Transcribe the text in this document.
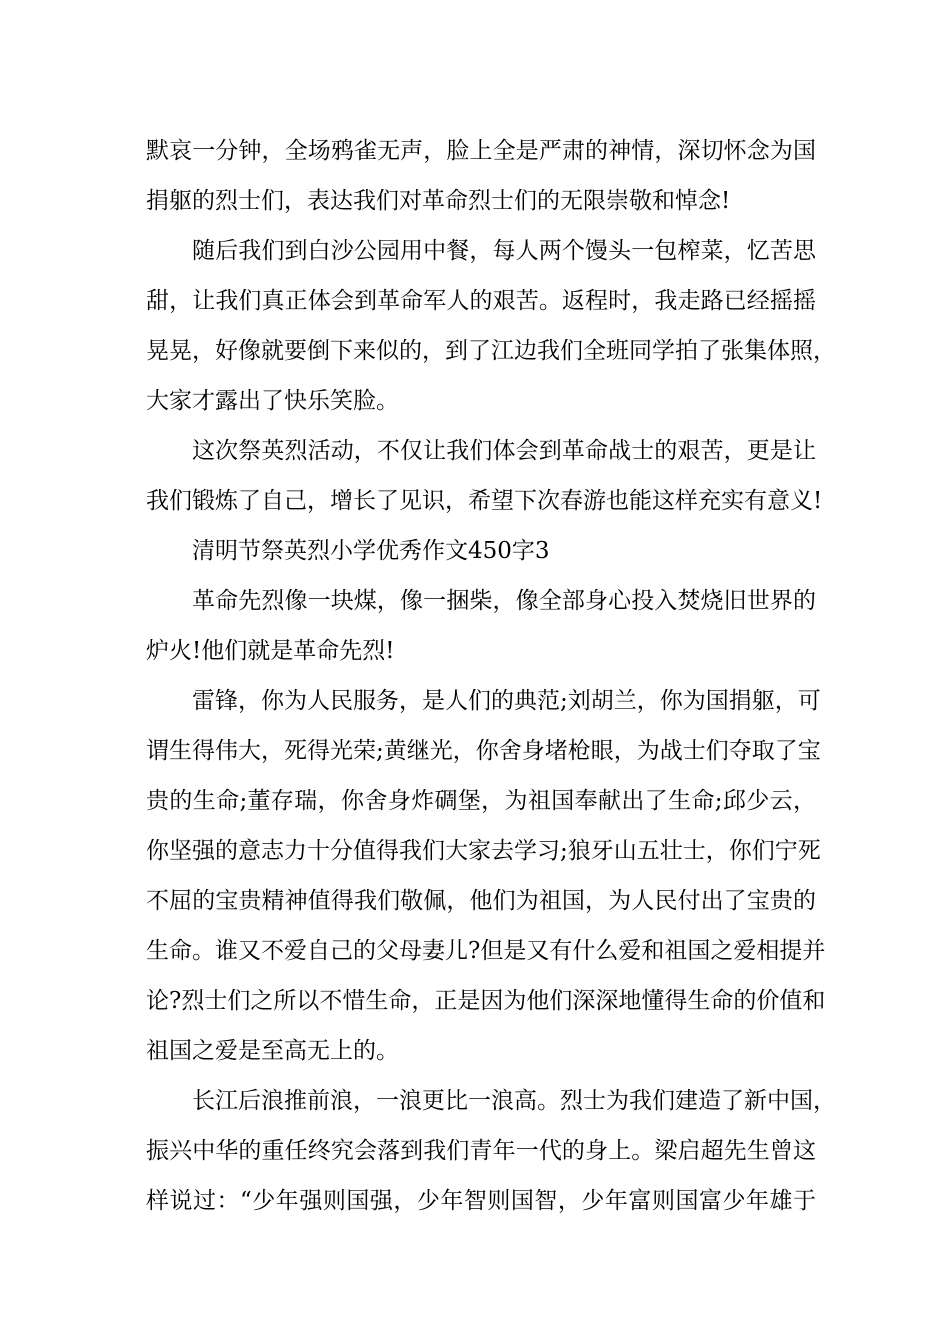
默哀一分钟，全场鸦雀无声，脸上全是严肃的神情，深切怀念为国
捐躯的烈士们，表达我们对革命烈士们的无限崇敬和悼念!
随后我们到白沙公园用中餐，每人两个馒头一包榨菜，忆苦思
甜，让我们真正体会到革命军人的艰苦。返程时，我走路已经摇摇
晃晃，好像就要倒下来似的，到了江边我们全班同学拍了张集体照，
大家才露出了快乐笑脸。
这次祭英烈活动，不仅让我们体会到革命战士的艰苦，更是让
我们锻炼了自己，增长了见识，希望下次春游也能这样充实有意义!
清明节祭英烈小学优秀作文450字3
革命先烈像一块煤，像一捆柴，像全部身心投入焚烧旧世界的
炉火!他们就是革命先烈!
雷锋，你为人民服务，是人们的典范;刘胡兰，你为国捐躯，可
谓生得伟大，死得光荣;黄继光，你舍身堵枪眼，为战士们夺取了宝
贵的生命;董存瑞，你舍身炸碉堡，为祖国奉献出了生命;邱少云，
你坚强的意志力十分值得我们大家去学习;狼牙山五壮士，你们宁死
不屈的宝贵精神值得我们敬佩，他们为祖国，为人民付出了宝贵的
生命。谁又不爱自己的父母妻儿?但是又有什么爱和祖国之爱相提并
论?烈士们之所以不惜生命，正是因为他们深深地懂得生命的价值和
祖国之爱是至高无上的。
长江后浪推前浪，一浪更比一浪高。烈士为我们建造了新中国，
振兴中华的重任终究会落到我们青年一代的身上。梁启超先生曾这
样说过：“少年强则国强，少年智则国智，少年富则国富少年雄于
